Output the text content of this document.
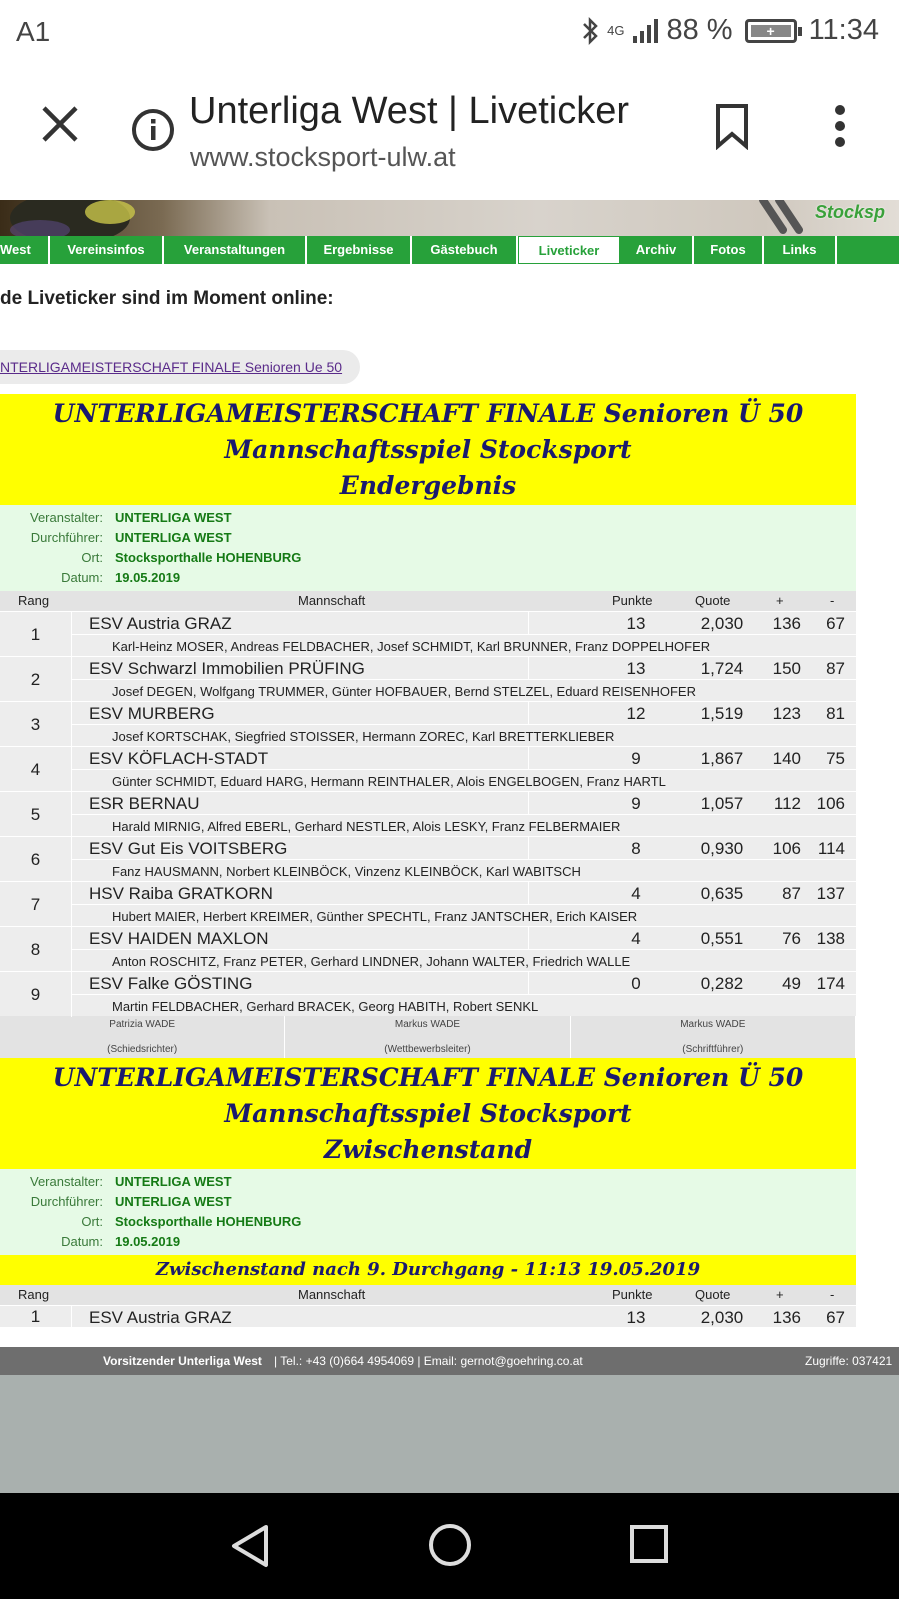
A1	4G 88 %	+	11:34
Unterliga West | Liveticker
www.stocksport-ulw.at
Stocksp
West	Vereinsinfos	Veranstaltungen	Ergebnisse	Gästebuch	Liveticker	Archiv	Fotos	Links
de Liveticker sind im Moment online:
NTERLIGAMEISTERSCHAFT FINALE Senioren Ue 50
UNTERLIGAMEISTERSCHAFT FINALE Senioren Ü 50
Mannschaftsspiel Stocksport
Endergebnis
Veranstalter: UNTERLIGA WEST
Durchführer: UNTERLIGA WEST
Ort: Stocksporthalle HOHENBURG
Datum: 19.05.2019
Rang	Mannschaft	Punkte	Quote	+	-
1
ESV Austria GRAZ	13	2,030	136	67
Karl-Heinz MOSER, Andreas FELDBACHER, Josef SCHMIDT, Karl BRUNNER, Franz DOPPELHOFER
2
ESV Schwarzl Immobilien PRÜFING	13	1,724	150	87
Josef DEGEN, Wolfgang TRUMMER, Günter HOFBAUER, Bernd STELZEL, Eduard REISENHOFER
3
ESV MURBERG	12	1,519	123	81
Josef KORTSCHAK, Siegfried STOISSER, Hermann ZOREC, Karl BRETTERKLIEBER
4
ESV KÖFLACH-STADT	9	1,867	140	75
Günter SCHMIDT, Eduard HARG, Hermann REINTHALER, Alois ENGELBOGEN, Franz HARTL
5
ESR BERNAU	9	1,057	112 106
Harald MIRNIG, Alfred EBERL, Gerhard NESTLER, Alois LESKY, Franz FELBERMAIER
6
ESV Gut Eis VOITSBERG	8	0,930	106 114
Fanz HAUSMANN, Norbert KLEINBÖCK, Vinzenz KLEINBÖCK, Karl WABITSCH
7
HSV Raiba GRATKORN	4	0,635	87 137
Hubert MAIER, Herbert KREIMER, Günther SPECHTL, Franz JANTSCHER, Erich KAISER
8
ESV HAIDEN MAXLON	4	0,551	76 138
Anton ROSCHITZ, Franz PETER, Gerhard LINDNER, Johann WALTER, Friedrich WALLE
9
ESV Falke GÖSTING	0	0,282	49 174
Martin FELDBACHER, Gerhard BRACEK, Georg HABITH, Robert SENKL
Patrizia WADE
(Schiedsrichter)
Markus WADE
(Wettbewerbsleiter)
Markus WADE
(Schriftführer)
UNTERLIGAMEISTERSCHAFT FINALE Senioren Ü 50
Mannschaftsspiel Stocksport
Zwischenstand
Veranstalter: UNTERLIGA WEST
Durchführer: UNTERLIGA WEST
Ort: Stocksporthalle HOHENBURG
Datum: 19.05.2019
Zwischenstand nach 9. Durchgang - 11:13 19.05.2019
Rang	Mannschaft	Punkte	Quote	+	-
1	ESV Austria GRAZ	13	2,030	136	67
Vorsitzender Unterliga West | Tel.: +43 (0)664 4954069 | Email: gernot@goehring.co.at	Zugriffe: 037421
